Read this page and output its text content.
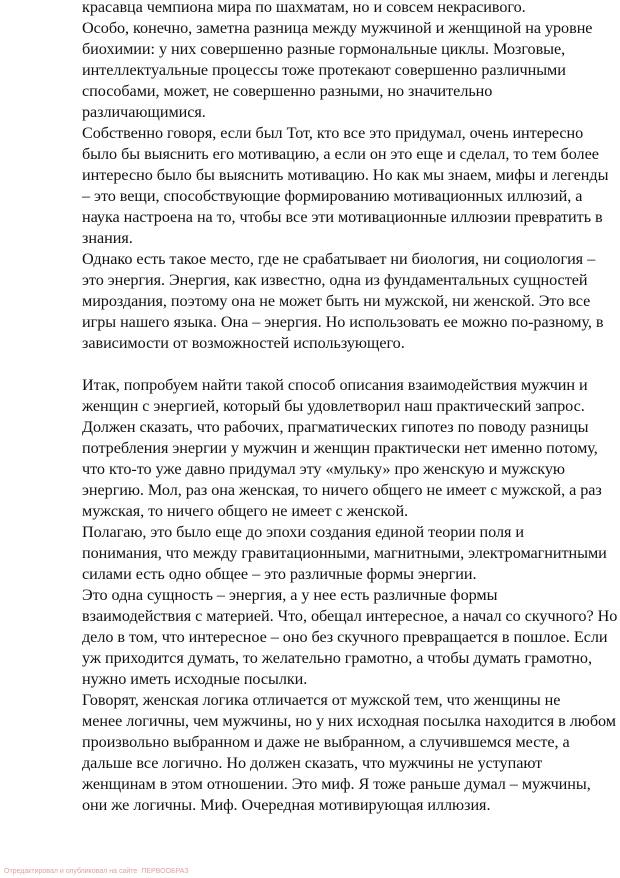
красавца чемпиона мира по шахматам, но и совсем некрасивого.

Особо, конечно, заметна разница между мужчиной и женщиной на уровне
биохимии: у них совершенно разные гормональные циклы. Мозговые,
интеллектуальные процессы тоже протекают совершенно различными
способами, может, не совершенно разными, но значительно
различающимися.

Собственно говоря, если был Тот, кто все это придумал, очень интересно
было бы выяснить его мотивацию, а если он это еще и сделал, то тем более
интересно было бы выяснить мотивацию. Но как мы знаем, мифы и легенды
– это вещи, способствующие формированию мотивационных иллюзий, а
наука настроена на то, чтобы все эти мотивационные иллюзии превратить в
знания.

Однако есть такое место, где не срабатывает ни биология, ни социология –
это энергия. Энергия, как известно, одна из фундаментальных сущностей
мироздания, поэтому она не может быть ни мужской, ни женской. Это все
игры нашего языка. Она – энергия. Но использовать ее можно по-разному, в
зависимости от возможностей использующего.

Итак, попробуем найти такой способ описания взаимодействия мужчин и
женщин с энергией, который бы удовлетворил наш практический запрос.

Должен сказать, что рабочих, прагматических гипотез по поводу разницы
потребления энергии у мужчин и женщин практически нет именно потому,
что кто-то уже давно придумал эту «мульку» про женскую и мужскую
энергию. Мол, раз она женская, то ничего общего не имеет с мужской, а раз
мужская, то ничего общего не имеет с женской.

Полагаю, это было еще до эпохи создания единой теории поля и
понимания, что между гравитационными, магнитными, электромагнитными
силами есть одно общее – это различные формы энергии.

Это одна сущность – энергия, а у нее есть различные формы
взаимодействия с материей. Что, обещал интересное, а начал со скучного? Но
дело в том, что интересное – оно без скучного превращается в пошлое. Если
уж приходится думать, то желательно грамотно, а чтобы думать грамотно,
нужно иметь исходные посылки.

Говорят, женская логика отличается от мужской тем, что женщины не
менее логичны, чем мужчины, но у них исходная посылка находится в любом
произвольно выбранном и даже не выбранном, а случившемся месте, а
дальше все логично. Но должен сказать, что мужчины не уступают
женщинам в этом отношении. Это миф. Я тоже раньше думал – мужчины,
они же логичны. Миф. Очередная мотивирующая иллюзия.

Отредактировал и опубликовал на сайте ПЕРВООБРАЗ
